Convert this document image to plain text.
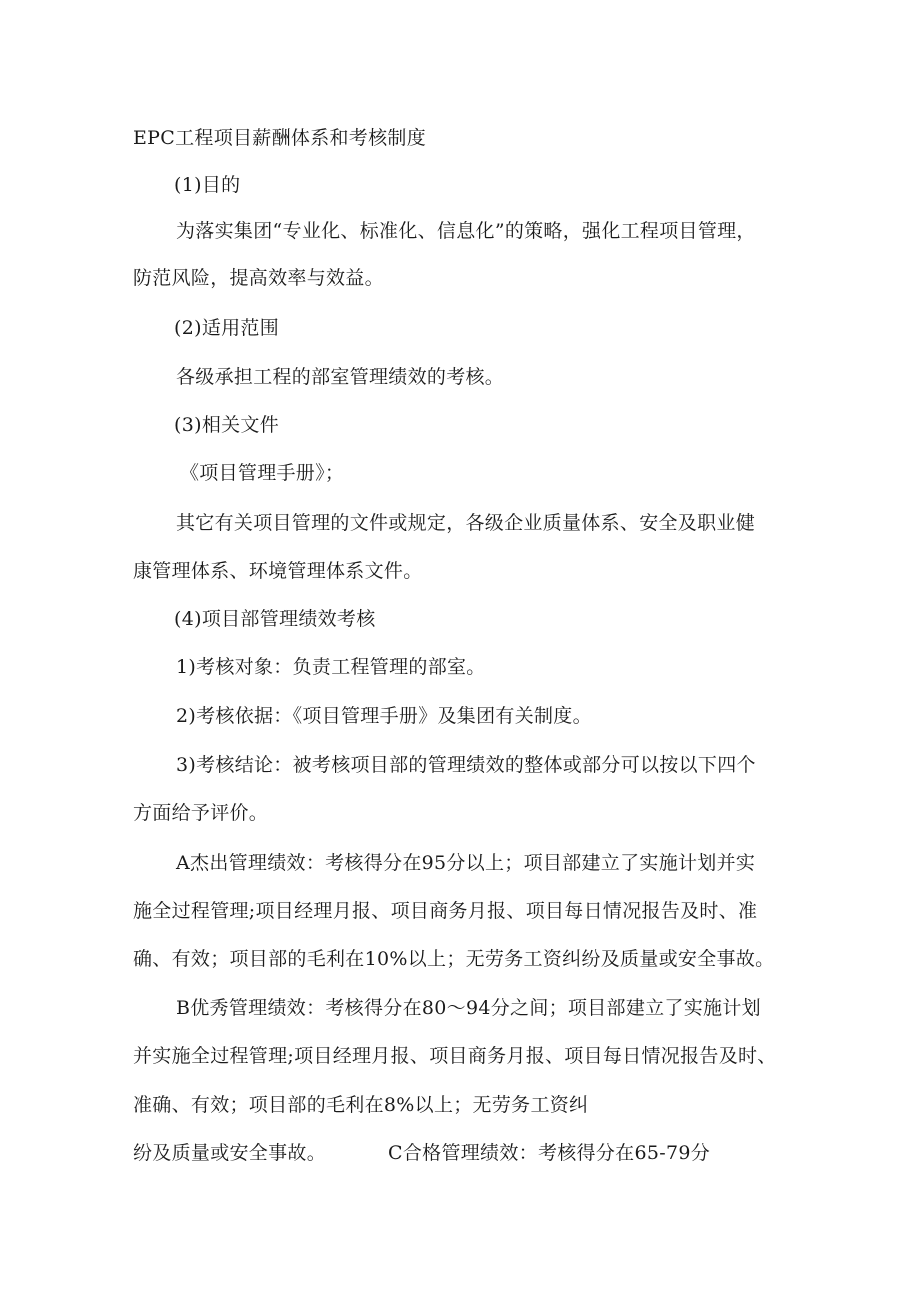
EPC工程项目薪酬体系和考核制度
(1)目的
为落实集团“专业化、标准化、信息化”的策略，强化工程项目管理，
防范风险，提高效率与效益。
(2)适用范围
各级承担工程的部室管理绩效的考核。
(3)相关文件
《项目管理手册》；
其它有关项目管理的文件或规定，各级企业质量体系、安全及职业健
康管理体系、环境管理体系文件。
(4)项目部管理绩效考核
1)考核对象：负责工程管理的部室。
2)考核依据：《项目管理手册》及集团有关制度。
3)考核结论：被考核项目部的管理绩效的整体或部分可以按以下四个
方面给予评价。
A杰出管理绩效：考核得分在95分以上；项目部建立了实施计划并实
施全过程管理;项目经理月报、项目商务月报、项目每日情况报告及时、准
确、有效；项目部的毛利在10%以上；无劳务工资纠纷及质量或安全事故。
B优秀管理绩效：考核得分在80～94分之间；项目部建立了实施计划
并实施全过程管理;项目经理月报、项目商务月报、项目每日情况报告及时、
准确、有效；项目部的毛利在8%以上；无劳务工资纠
纷及质量或安全事故。	C合格管理绩效：考核得分在65-79分
